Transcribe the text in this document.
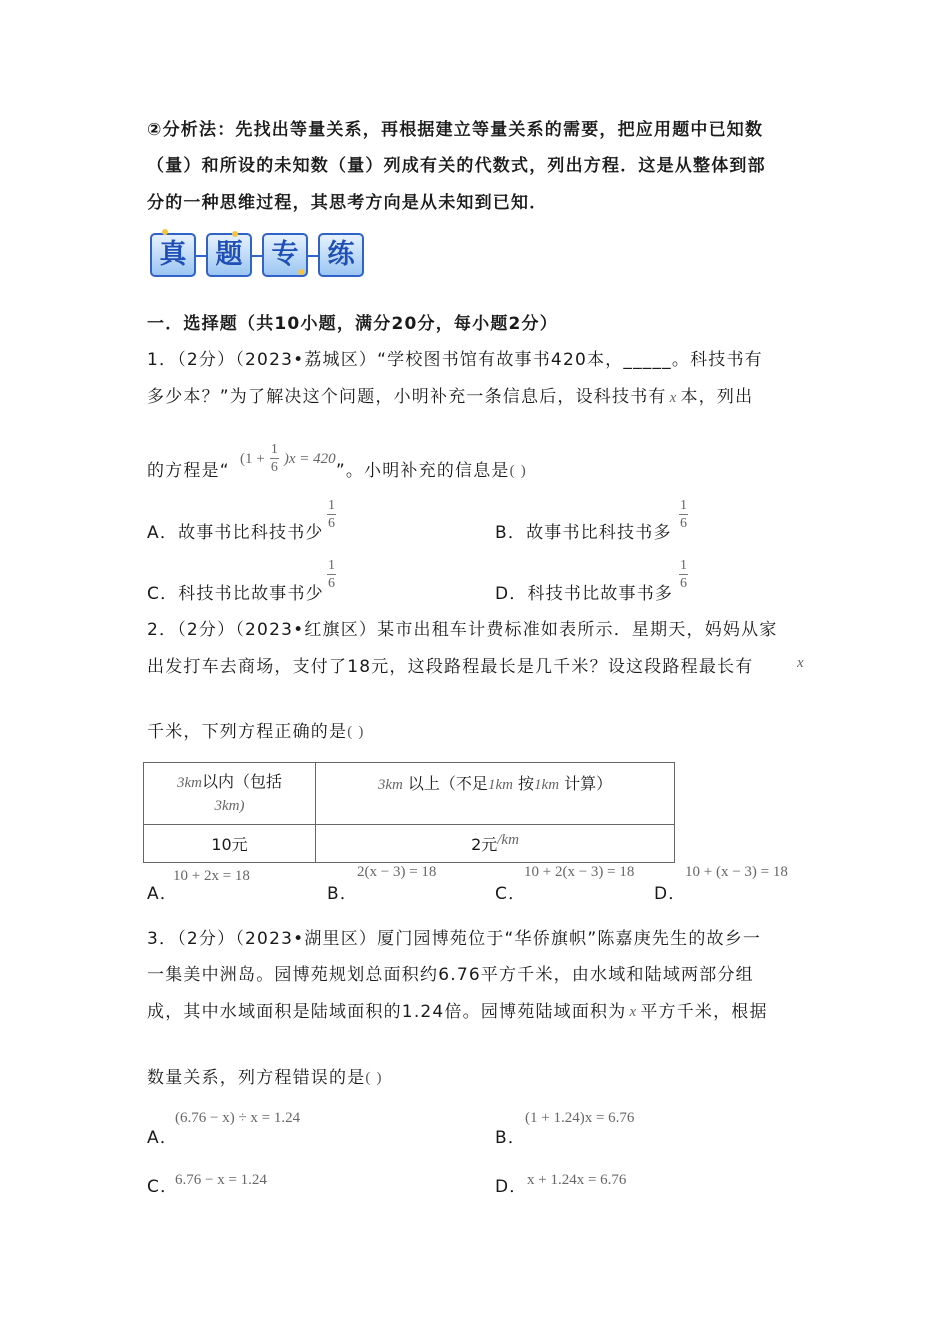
②分析法：先找出等量关系，再根据建立等量关系的需要，把应用题中已知数
（量）和所设的未知数（量）列成有关的代数式，列出方程．这是从整体到部
分的一种思维过程，其思考方向是从未知到已知．
真	题	专	练
一．选择题（共10小题，满分20分，每小题2分）
1．（2分）（2023•荔城区）“学校图书馆有故事书420本，_____。科技书有
多少本？”为了解决这个问题，小明补充一条信息后，设科技书有 x 本，列出
$(1 + \frac{1}{6} )x = 420$
的方程是“	”。小明补充的信息是( )
A．故事书比科技书少
1
6	B．故事书比科技书多
1
6
C．科技书比故事书少
1
6
D．科技书比故事书多
1
6
2．（2分）（2023•红旗区）某市出租车计费标准如表所示．星期天，妈妈从家
出发打车去商场，支付了18元，这段路程最长是几千米？设这段路程最长有	x
千米，下列方程正确的是( )
3km以内（包括
3km)	3km 以上（不足1km 按1km 计算）
10元	2元/km
A．
10 + 2x = 18
B．
2(x − 3) = 18
C．
10 + 2(x − 3) = 18
D．
10 + (x − 3) = 18
3．（2分）（2023•湖里区）厦门园博苑位于“华侨旗帜”陈嘉庚先生的故乡一
一集美中洲岛。园博苑规划总面积约6.76平方千米，由水域和陆域两部分组
成，其中水域面积是陆域面积的1.24倍。园博苑陆域面积为 x 平方千米，根据
数量关系，列方程错误的是( )
A．
(6.76 − x) ÷ x = 1.24
B．
(1 + 1.24)x = 6.76
C．
6.76 − x = 1.24	D． x + 1.24x = 6.76
